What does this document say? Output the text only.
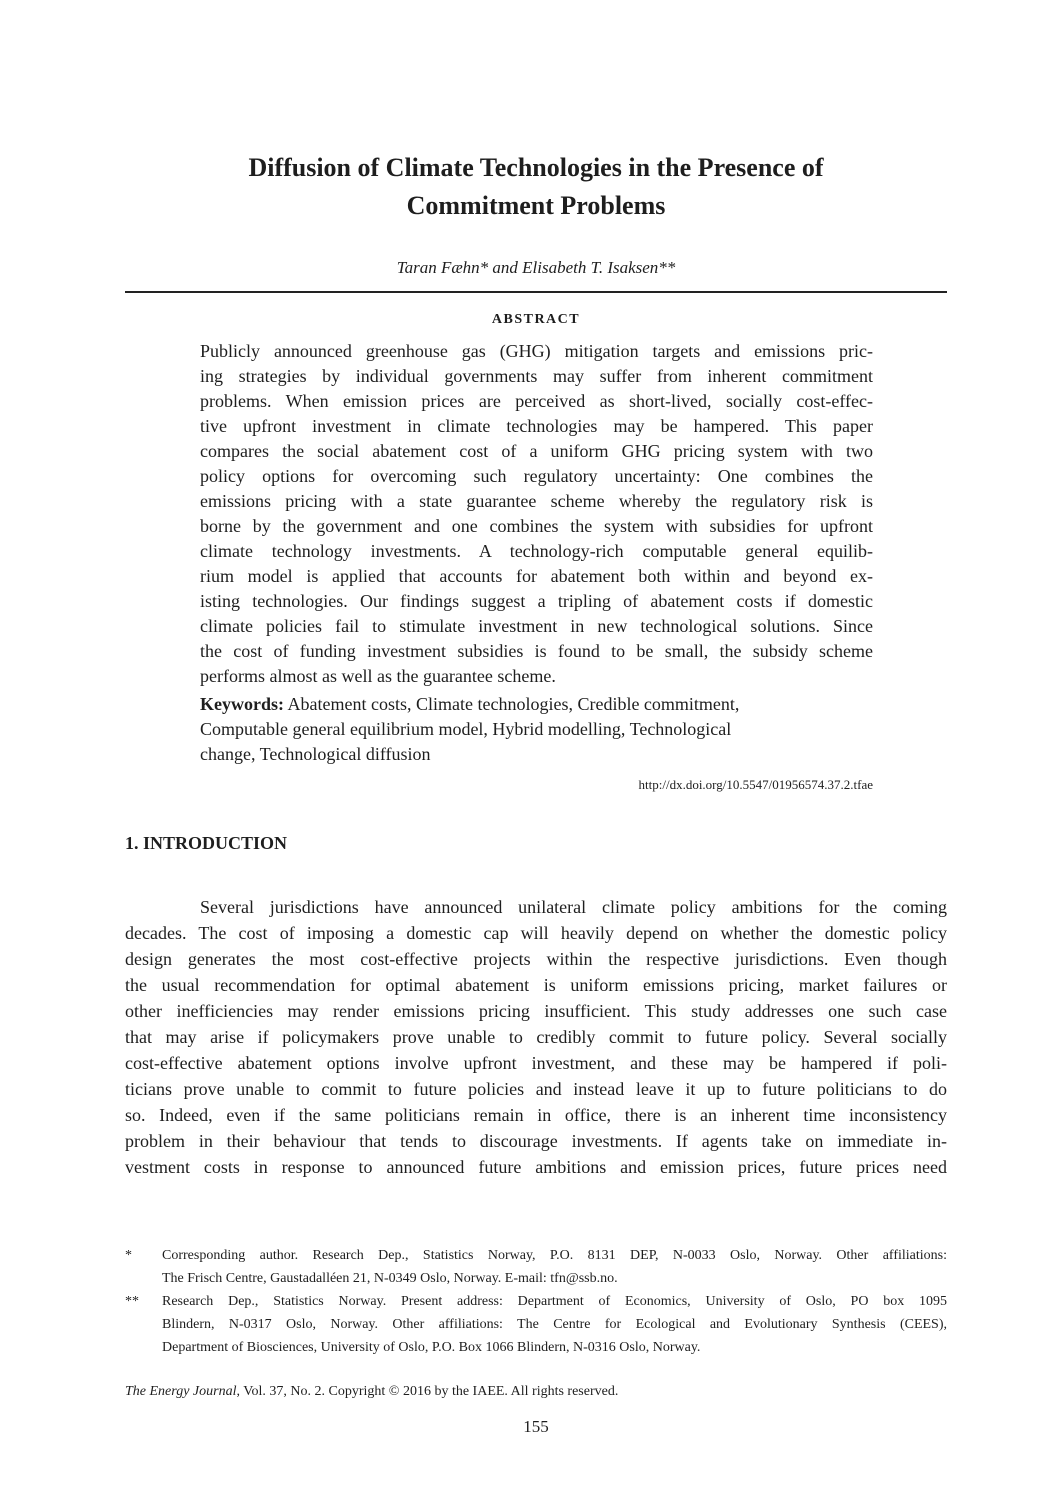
Diffusion of Climate Technologies in the Presence of
Commitment Problems
Taran Fæhn* and Elisabeth T. Isaksen**
ABSTRACT
Publicly announced greenhouse gas (GHG) mitigation targets and emissions pric-
ing strategies by individual governments may suffer from inherent commitment
problems. When emission prices are perceived as short-lived, socially cost-effec-
tive upfront investment in climate technologies may be hampered. This paper
compares the social abatement cost of a uniform GHG pricing system with two
policy options for overcoming such regulatory uncertainty: One combines the
emissions pricing with a state guarantee scheme whereby the regulatory risk is
borne by the government and one combines the system with subsidies for upfront
climate technology investments. A technology-rich computable general equilib-
rium model is applied that accounts for abatement both within and beyond ex-
isting technologies. Our findings suggest a tripling of abatement costs if domestic
climate policies fail to stimulate investment in new technological solutions. Since
the cost of funding investment subsidies is found to be small, the subsidy scheme
performs almost as well as the guarantee scheme.
Keywords: Abatement costs, Climate technologies, Credible commitment,
Computable general equilibrium model, Hybrid modelling, Technological
change, Technological diffusion
http://dx.doi.org/10.5547/01956574.37.2.tfae
1. INTRODUCTION
Several jurisdictions have announced unilateral climate policy ambitions for the coming
decades. The cost of imposing a domestic cap will heavily depend on whether the domestic policy
design generates the most cost-effective projects within the respective jurisdictions. Even though
the usual recommendation for optimal abatement is uniform emissions pricing, market failures or
other inefficiencies may render emissions pricing insufficient. This study addresses one such case
that may arise if policymakers prove unable to credibly commit to future policy. Several socially
cost-effective abatement options involve upfront investment, and these may be hampered if poli-
ticians prove unable to commit to future policies and instead leave it up to future politicians to do
so. Indeed, even if the same politicians remain in office, there is an inherent time inconsistency
problem in their behaviour that tends to discourage investments. If agents take on immediate in-
vestment costs in response to announced future ambitions and emission prices, future prices need
* Corresponding author. Research Dep., Statistics Norway, P.O. 8131 DEP, N-0033 Oslo, Norway. Other affiliations:
The Frisch Centre, Gaustadalléen 21, N-0349 Oslo, Norway. E-mail: tfn@ssb.no.
** Research Dep., Statistics Norway. Present address: Department of Economics, University of Oslo, PO box 1095
Blindern, N-0317 Oslo, Norway. Other affiliations: The Centre for Ecological and Evolutionary Synthesis (CEES),
Department of Biosciences, University of Oslo, P.O. Box 1066 Blindern, N-0316 Oslo, Norway.
The Energy Journal, Vol. 37, No. 2. Copyright © 2016 by the IAEE. All rights reserved.
155
